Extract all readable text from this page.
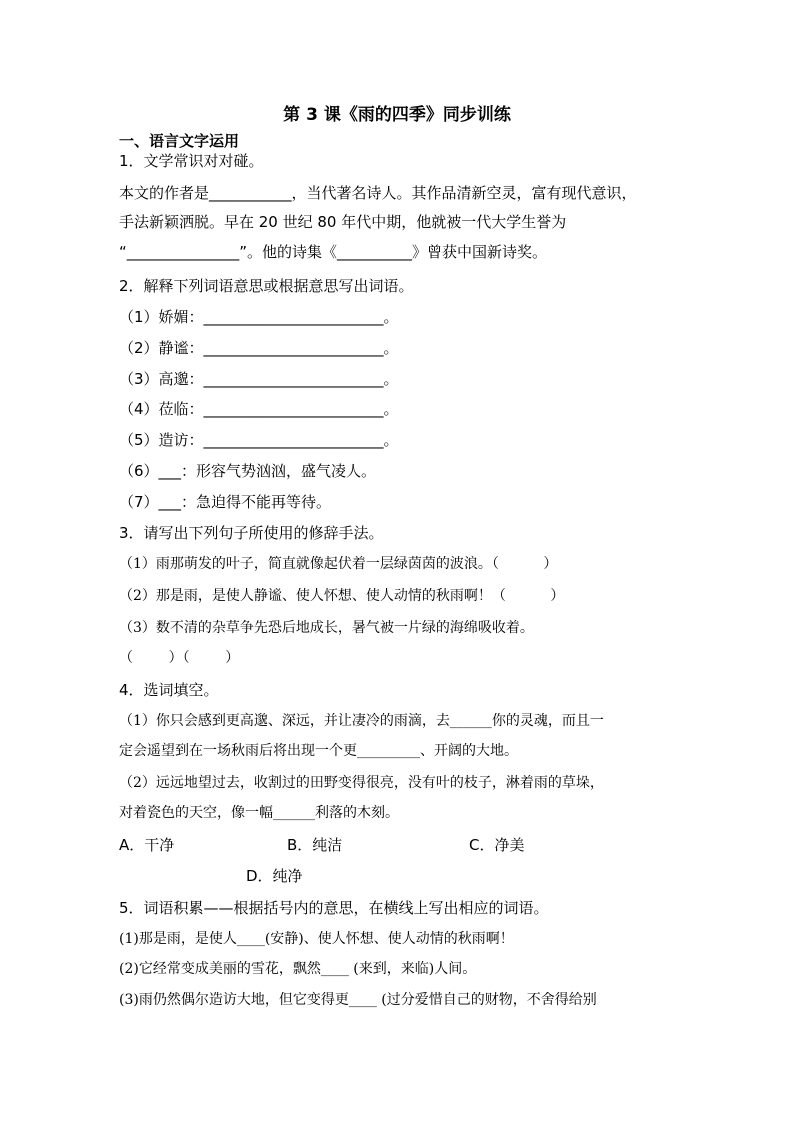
第 3 课《雨的四季》同步训练
一、语言文字运用
1．文学常识对对碰。
本文的作者是___________，当代著名诗人。其作品清新空灵，富有现代意识，
手法新颖洒脱。早在 20 世纪 80 年代中期，他就被一代大学生誉为
“_______________”。他的诗集《__________》曾获中国新诗奖。
2．解释下列词语意思或根据意思写出词语。
（1）娇媚：________________________。
（2）静谧：________________________。
（3）高邈：________________________。
（4）莅临：________________________。
（5）造访：________________________。
（6）___：形容气势汹汹，盛气凌人。
（7）___：急迫得不能再等待。
3．请写出下列句子所使用的修辞手法。
（1）雨那萌发的叶子，简直就像起伏着一层绿茵茵的波浪。（          ）
（2）那是雨，是使人静谧、使人怀想、使人动情的秋雨啊！（          ）
（3）数不清的杂草争先恐后地成长，暑气被一片绿的海绵吸收着。
（        ）（        ）
4．选词填空。
（1）你只会感到更高邈、深远，并让凄冷的雨滴，去______你的灵魂，而且一
定会遥望到在一场秋雨后将出现一个更_________、开阔的大地。
（2）远远地望过去，收割过的田野变得很亮，没有叶的枝子，淋着雨的草垛，
对着瓷色的天空，像一幅______利落的木刻。
A．干净	B．纯洁	C．净美
D．纯净
5．词语积累——根据括号内的意思，在横线上写出相应的词语。
(1)那是雨，是使人____(安静)、使人怀想、使人动情的秋雨啊！
(2)它经常变成美丽的雪花，飘然____ (来到，来临)人间。
(3)雨仍然偶尔造访大地，但它变得更____ (过分爱惜自己的财物，不舍得给别
